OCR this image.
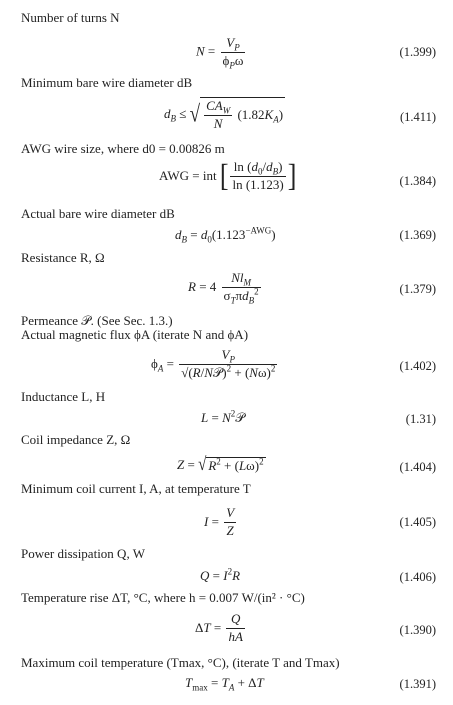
Number of turns N
Minimum bare wire diameter dB
AWG wire size, where d0 = 0.00826 m
Actual bare wire diameter dB
Resistance R, Ω
Permeance 𝒫. (See Sec. 1.3.)
Actual magnetic flux ϕA (iterate N and ϕA)
Inductance L, H
Coil impedance Z, Ω
Minimum coil current I, A, at temperature T
Power dissipation Q, W
Temperature rise ΔT, °C, where h = 0.007 W/(in² · °C)
Maximum coil temperature (Tmax, °C), (iterate T and Tmax)
(1.399)
(1.411)
(1.384)
(1.369)
(1.379)
(1.402)
(1.31)
(1.404)
(1.405)
(1.406)
(1.390)
(1.391)
$N = \frac{V_P}{\phi_P\omega}$
$d_B$ ≤ √ $\frac{CA_W}{N} (1.82K_A)$
AWG = int [ $\frac{\ln (d_0/d_B)}{\ln (1.123)}$ ]
$d_B = d_0(1.123^{-AWG})$
$R = 4 \frac{Nl_M}{\sigma_T\pi d_B^2}$
$\phi_A = \frac{V_P}{√(R/N𝒫)^2 + (N\omega)^2}$
$L = N^2𝒫$
Z = √ $R^2 + (L\omega)^2$
$I = \frac{V}{Z}$
$Q = I^2R$
$\Delta T = \frac{Q}{hA}$
$T_{max} = T_A + \Delta T$
